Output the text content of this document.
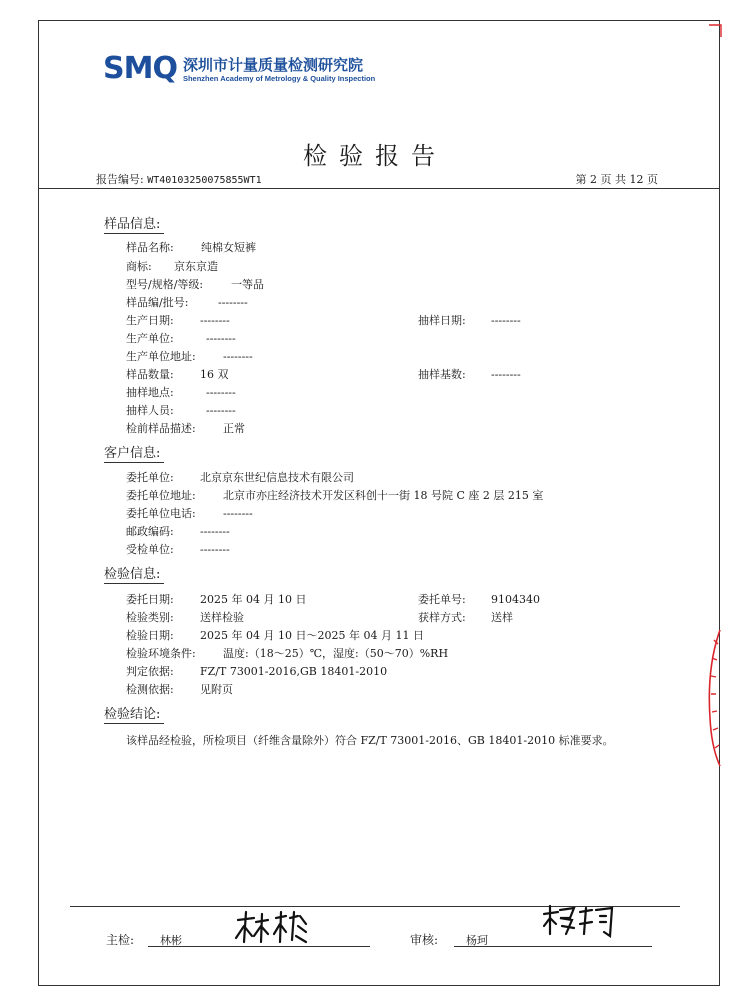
SMQ 深圳市计量质量检测研究院
Shenzhen Academy of Metrology & Quality Inspection
检验报告
报告编号: WT4010325007585​5WT1	第 2 页 共 12 页
样品信息:
样品名称: 纯棉女短裤
商标: 京东京造
型号/规格/等级:	一等品
样品编/批号:	--------
生产日期: --------	抽样日期: --------
生产单位:	--------
生产单位地址: --------
样品数量: 16 双	抽样基数: --------
抽样地点:	--------
抽样人员:	--------
检前样品描述: 正常
客户信息:
委托单位: 北京京东世纪信息技术有限公司
委托单位地址: 北京市亦庄经济技术开发区科创十一街 18 号院 C 座 2 层 215 室
委托单位电话: --------
邮政编码: --------
受检单位: --------
检验信息:
委托日期: 2025 年 04 月 10 日	委托单号: 9104340
检验类别: 送样检验	获样方式: 送样
检验日期: 2025 年 04 月 10 日～2025 年 04 月 11 日
检验环境条件: 温度:（18～25）℃，湿度:（50～70）%RH
判定依据: FZ/T 73001-2016,GB 18401-2010
检测依据: 见附页
检验结论:
该样品经检验，所检项目（纤维含量除外）符合 FZ/T 73001-2016、GB 18401-2010 标准要求。
主检: 林彬	审核:	杨珂
